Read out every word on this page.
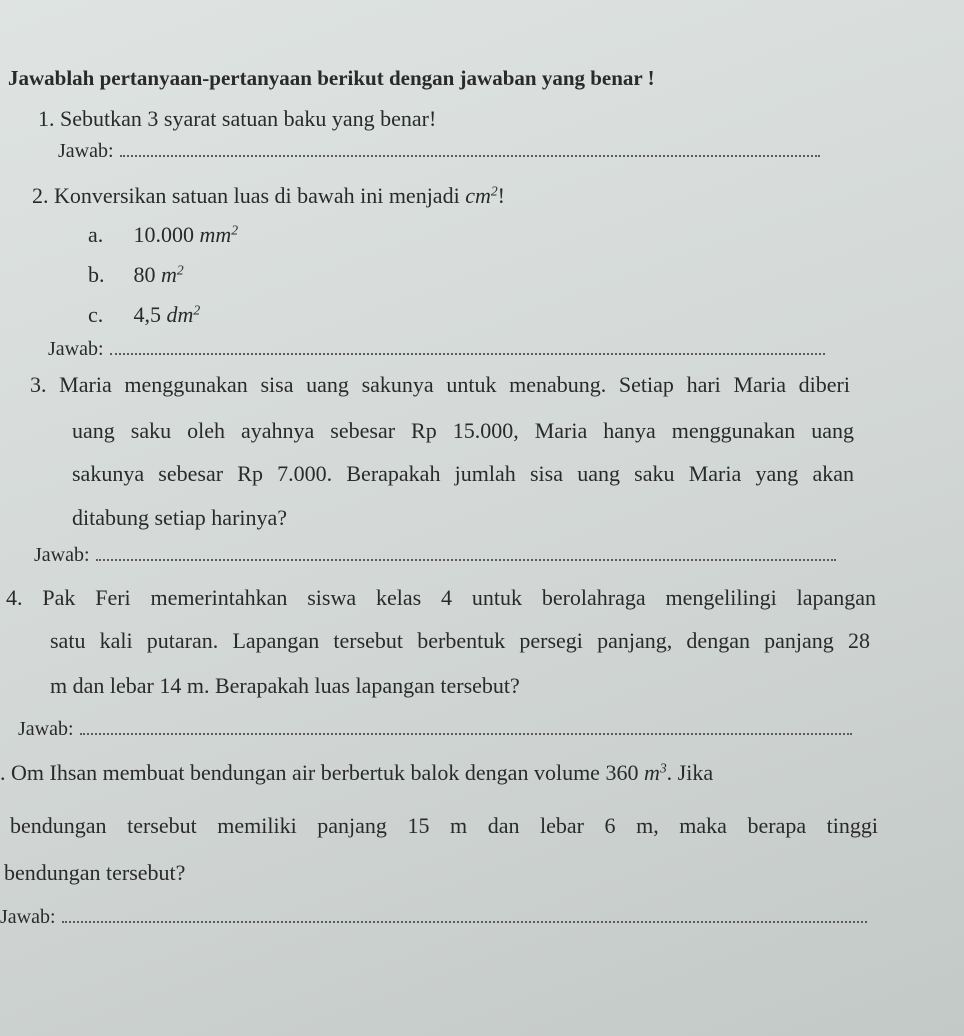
Jawablah pertanyaan-pertanyaan berikut dengan jawaban yang benar !
1. Sebutkan 3 syarat satuan baku yang benar!
Jawab:
2. Konversikan satuan luas di bawah ini menjadi $cm^2$!
a. 10.000 $mm^2$
b. 80 $m^2$
c. 4,5 $dm^2$
Jawab:
3. Maria menggunakan sisa uang sakunya untuk menabung. Setiap hari Maria diberi
uang saku oleh ayahnya sebesar Rp 15.000, Maria hanya menggunakan uang
sakunya sebesar Rp 7.000. Berapakah jumlah sisa uang saku Maria yang akan
ditabung setiap harinya?
Jawab:
4. Pak Feri memerintahkan siswa kelas 4 untuk berolahraga mengelilingi lapangan
satu kali putaran. Lapangan tersebut berbentuk persegi panjang, dengan panjang 28
m dan lebar 14 m. Berapakah luas lapangan tersebut?
Jawab:
. Om Ihsan membuat bendungan air berbertuk balok dengan volume 360 $m^3$. Jika
bendungan tersebut memiliki panjang 15 m dan lebar 6 m, maka berapa tinggi
bendungan tersebut?
Jawab:
